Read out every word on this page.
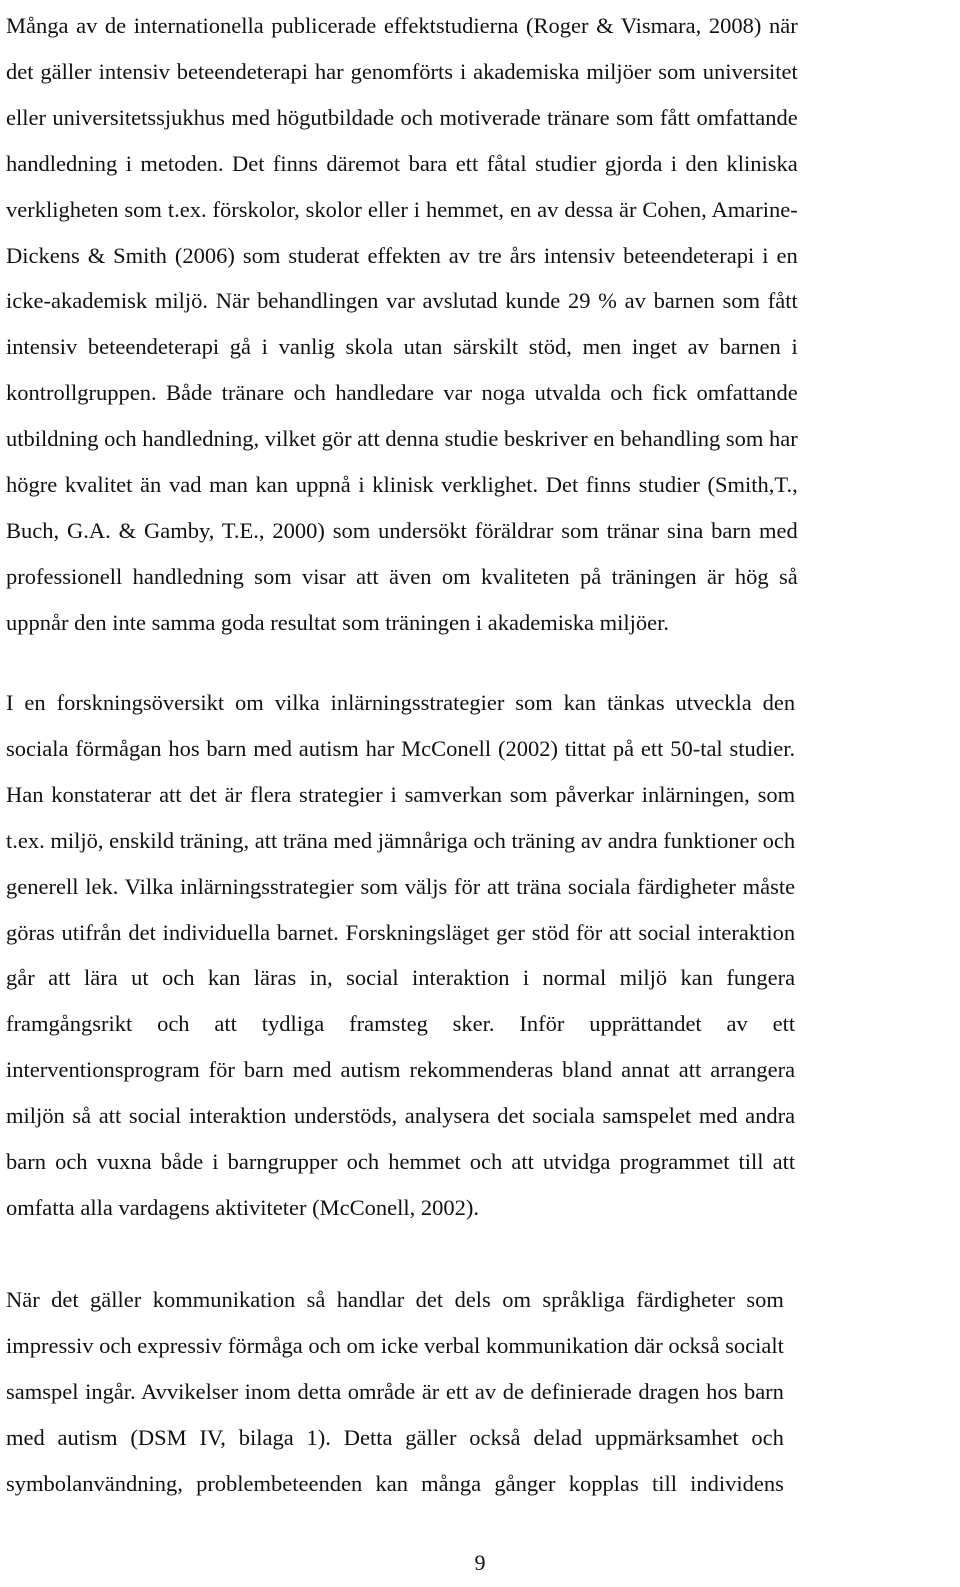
Många av de internationella publicerade effektstudierna (Roger & Vismara, 2008) när
det gäller intensiv beteendeterapi har genomförts i akademiska miljöer som universitet
eller universitetssjukhus med högutbildade och motiverade tränare som fått omfattande
handledning i metoden. Det finns däremot bara ett fåtal studier gjorda i den kliniska
verkligheten som t.ex. förskolor, skolor eller i hemmet, en av dessa är Cohen, Amarine-
Dickens & Smith (2006) som studerat effekten av tre års intensiv beteendeterapi i en
icke-akademisk miljö. När behandlingen var avslutad kunde 29 % av barnen som fått
intensiv beteendeterapi gå i vanlig skola utan särskilt stöd, men inget av barnen i
kontrollgruppen. Både tränare och handledare var noga utvalda och fick omfattande
utbildning och handledning, vilket gör att denna studie beskriver en behandling som har
högre kvalitet än vad man kan uppnå i klinisk verklighet. Det finns studier (Smith,T.,
Buch, G.A. & Gamby, T.E., 2000) som undersökt föräldrar som tränar sina barn med
professionell handledning som visar att även om kvaliteten på träningen är hög så
uppnår den inte samma goda resultat som träningen i akademiska miljöer.

I en forskningsöversikt om vilka inlärningsstrategier som kan tänkas utveckla den
sociala förmågan hos barn med autism har McConell (2002) tittat på ett 50-tal studier.
Han konstaterar att det är flera strategier i samverkan som påverkar inlärningen, som
t.ex. miljö, enskild träning, att träna med jämnåriga och träning av andra funktioner och
generell lek. Vilka inlärningsstrategier som väljs för att träna sociala färdigheter måste
göras utifrån det individuella barnet. Forskningsläget ger stöd för att social interaktion
går att lära ut och kan läras in, social interaktion i normal miljö kan fungera
framgångsrikt och att tydliga framsteg sker. Inför upprättandet av ett
interventionsprogram för barn med autism rekommenderas bland annat att arrangera
miljön så att social interaktion understöds, analysera det sociala samspelet med andra
barn och vuxna både i barngrupper och hemmet och att utvidga programmet till att
omfatta alla vardagens aktiviteter (McConell, 2002).

När det gäller kommunikation så handlar det dels om språkliga färdigheter som
impressiv och expressiv förmåga och om icke verbal kommunikation där också socialt
samspel ingår. Avvikelser inom detta område är ett av de definierade dragen hos barn
med autism (DSM IV, bilaga 1). Detta gäller också delad uppmärksamhet och
symbolanvändning, problembeteenden kan många gånger kopplas till individens

9
